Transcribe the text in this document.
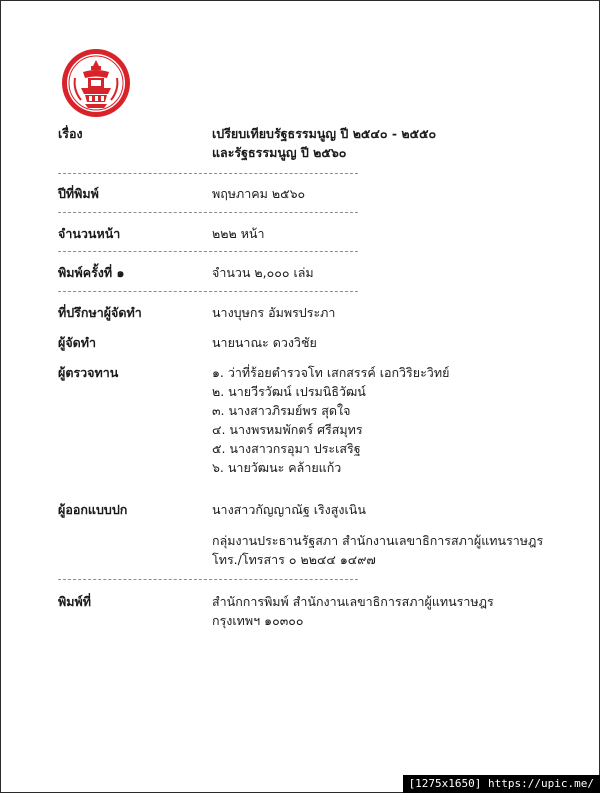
เรื่อง	เปรียบเทียบรัฐธรรมนูญ ปี ๒๕๔๐ - ๒๕๕๐
และรัฐธรรมนูญ ปี ๒๕๖๐
ปีที่พิมพ์	พฤษภาคม ๒๕๖๐
จำนวนหน้า	๒๒๒ หน้า
พิมพ์ครั้งที่ ๑	จำนวน ๒,๐๐๐ เล่ม
ที่ปรึกษาผู้จัดทำ	นางบุษกร อัมพรประภา
ผู้จัดทำ	นายนาณะ ดวงวิชัย
ผู้ตรวจทาน	๑. ว่าที่ร้อยตำรวจโท เสกสรรค์ เอกวิริยะวิทย์
๒. นายวีรวัฒน์ เปรมนิธิวัฒน์
๓. นางสาวภิรมย์พร สุดใจ
๔. นางพรหมพักตร์ ศรีสมุทร
๕. นางสาวกรอุมา ประเสริฐ
๖. นายวัฒนะ คล้ายแก้ว
ผู้ออกแบบปก	นางสาวกัญญาณัฐ เริงสูงเนิน
กลุ่มงานประธานรัฐสภา สำนักงานเลขาธิการสภาผู้แทนราษฎร
โทร./โทรสาร ๐ ๒๒๔๔ ๑๔๙๗
พิมพ์ที่	สำนักการพิมพ์ สำนักงานเลขาธิการสภาผู้แทนราษฎร
กรุงเทพฯ ๑๐๓๐๐
[1275x1650] https://upic.me/
